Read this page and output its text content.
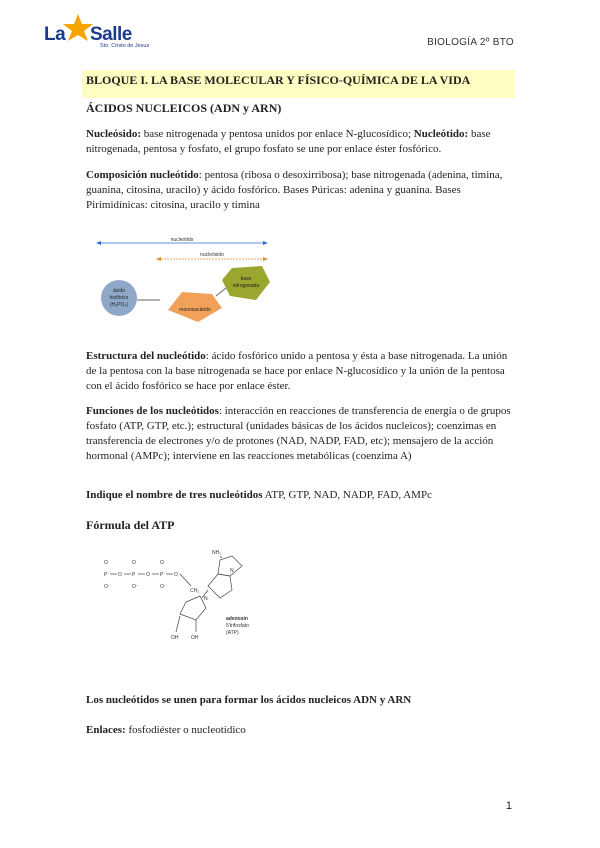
La Salle
Sto. Cristo de Jesus	BIOLOGÍA 2º BTO
BLOQUE I. LA BASE MOLECULAR Y FÍSICO-QUÍMICA DE LA VIDA
ÁCIDOS NUCLEICOS (ADN y ARN)
Nucleósido: base nitrogenada y pentosa unidos por enlace N-glucosídico; Nucleótido: base nitrogenada, pentosa y fosfato, el grupo fosfato se une por enlace éster fosfórico.
Composición nucleótido: pentosa (ribosa o desoxirribosa); base nitrogenada (adenina, timina, guanina, citosina, uracilo) y ácido fosfórico. Bases Púricas: adenina y guanina. Bases Pirimidínicas: citosina, uracilo y timina
nucleótido
nucleósido
ácido
fosfórico
(H₃PO₄)
monosacárido
base
nitrogenada
Estructura del nucleótido: ácido fosfórico unido a pentosa y ésta a base nitrogenada. La unión de la pentosa con la base nitrogenada se hace por enlace N-glucosídico y la unión de la pentosa con el ácido fosfórico se hace por enlace éster.
Funciones de los nucleótidos: interacción en reacciones de transferencia de energía o de grupos fosfato (ATP, GTP, etc.); estructural (unidades básicas de los ácidos nucleicos); coenzimas en transferencia de electrones y/o de protones (NAD, NADP, FAD, etc); mensajero de la acción hormonal (AMPc); interviene en las reacciones metabólicas (coenzima A)
Indique el nombre de tres nucleótidos ATP, GTP, NAD, NADP, FAD, AMPc
Fórmula del ATP
O
P
O⁻
O
O
P
O⁻
O
O
P
O⁻
O
CH₂
NH₂
N
N
OH	OH
adenosin
5'trifosfato
(ATP)
Los nucleótidos se unen para formar los ácidos nucleicos ADN y ARN
Enlaces: fosfodiéster o nucleotídico
1
